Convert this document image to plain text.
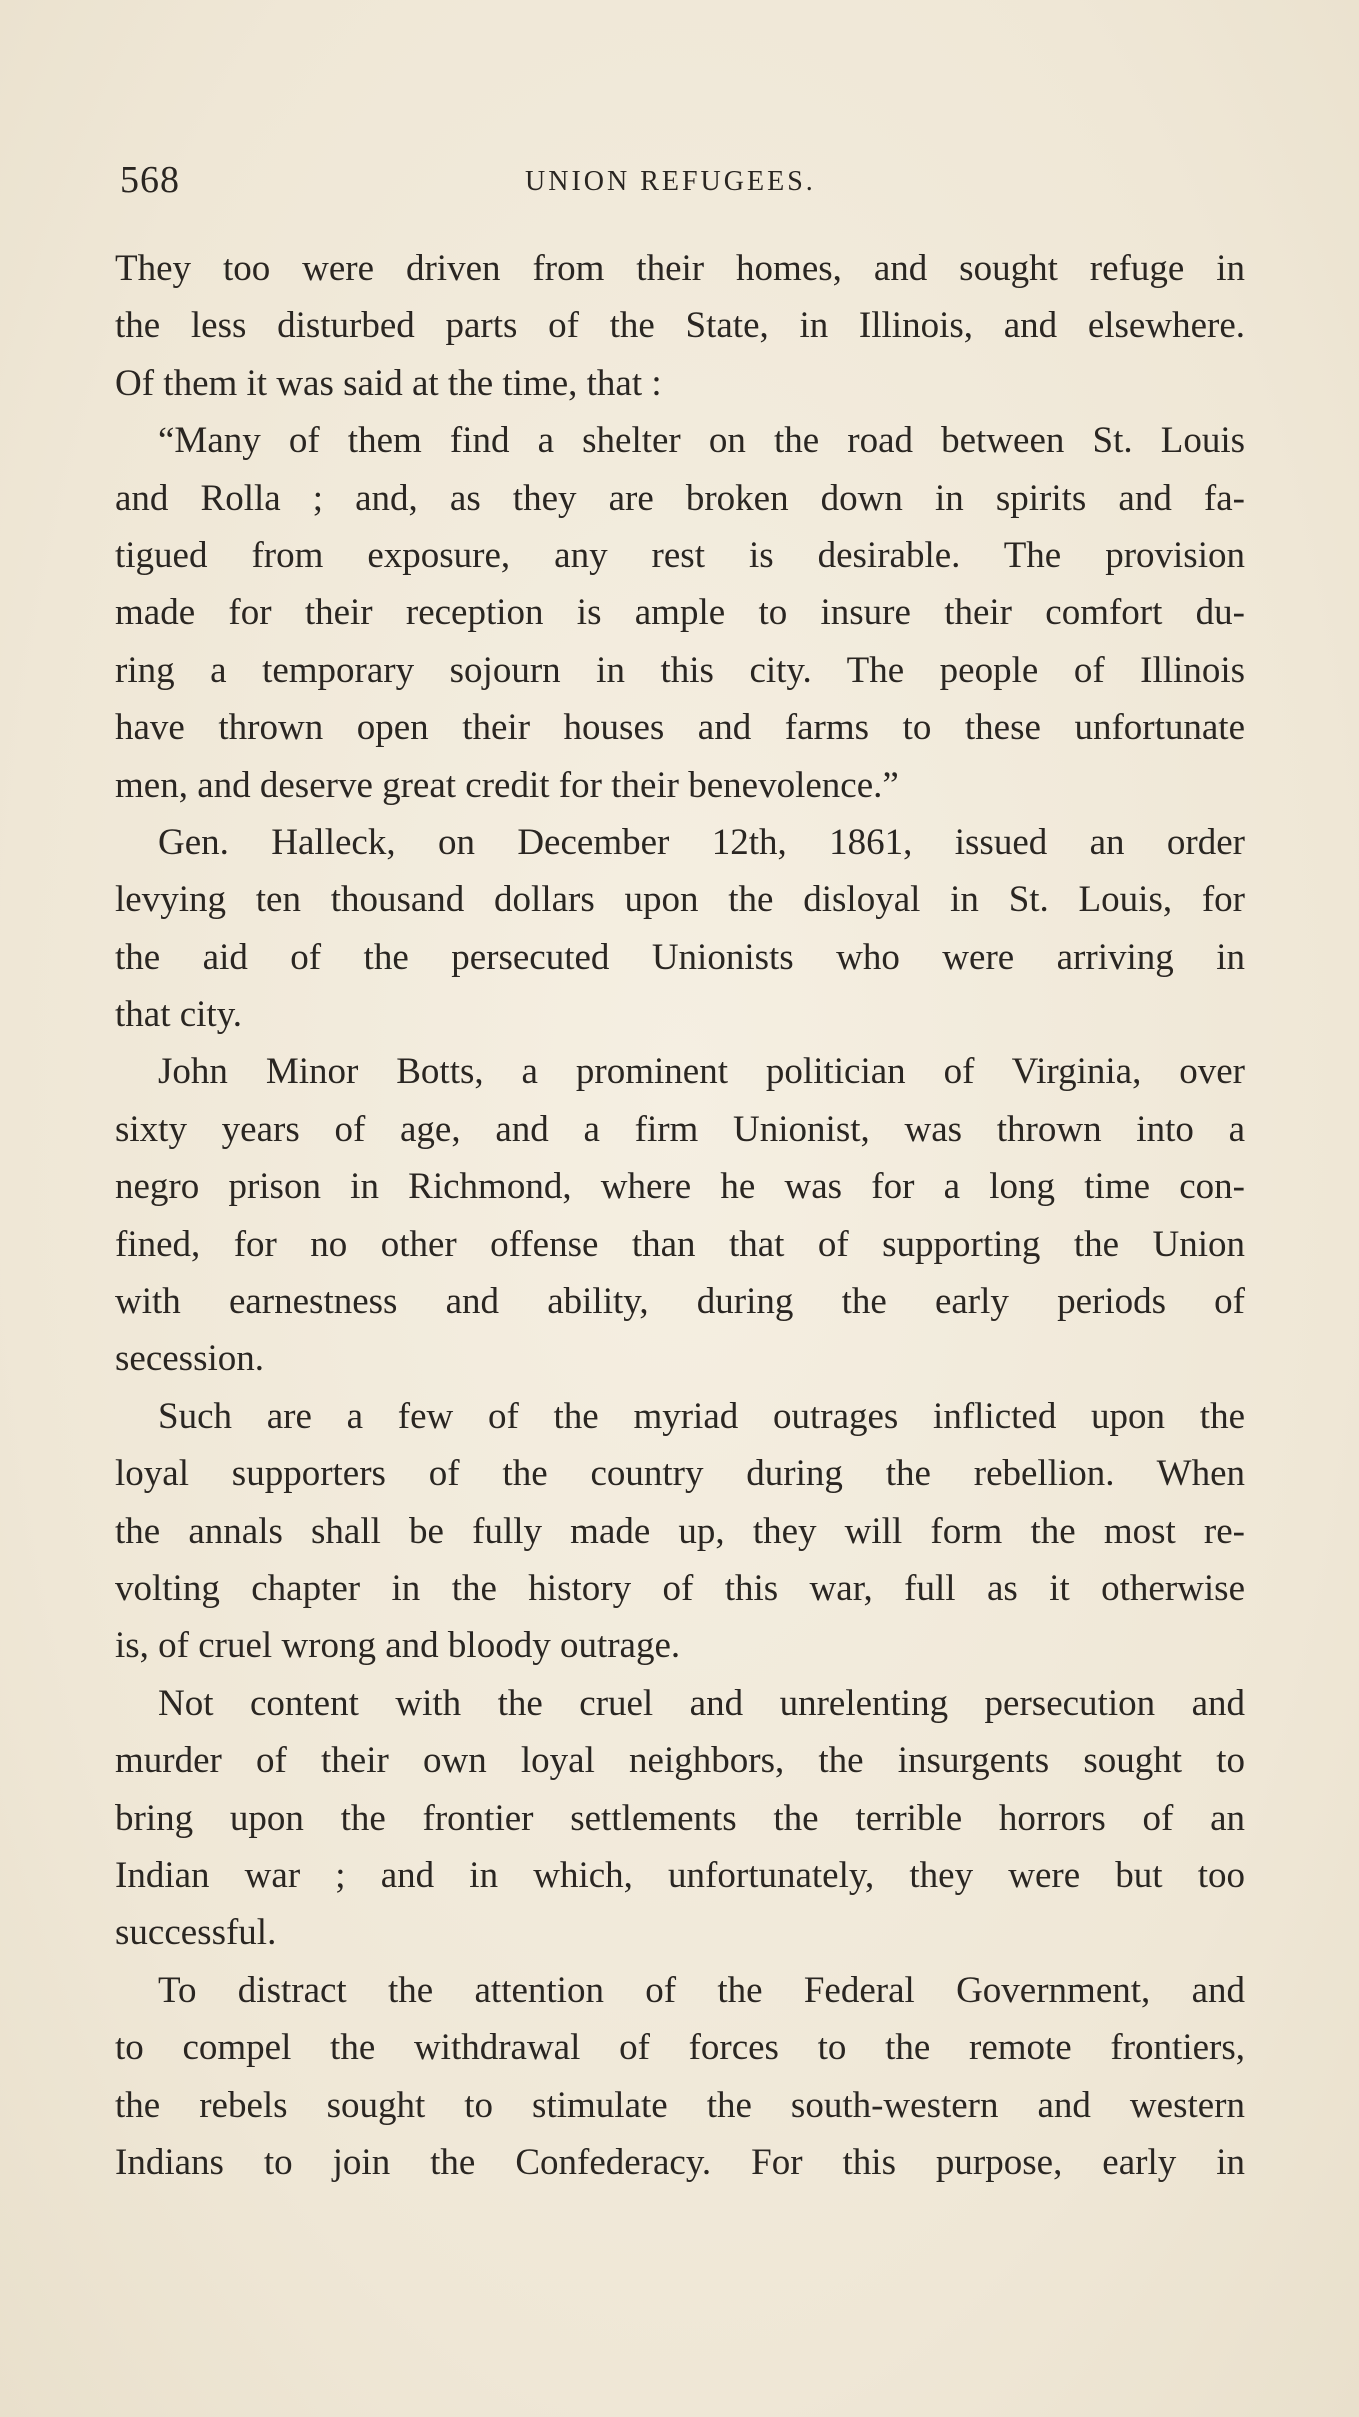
568	UNION REFUGEES.
They too were driven from their homes, and sought refuge in
the less disturbed parts of the State, in Illinois, and elsewhere.
Of them it was said at the time, that :
“Many of them find a shelter on the road between St. Louis
and Rolla ; and, as they are broken down in spirits and fa-
tigued from exposure, any rest is desirable. The provision
made for their reception is ample to insure their comfort du-
ring a temporary sojourn in this city. The people of Illinois
have thrown open their houses and farms to these unfortunate
men, and deserve great credit for their benevolence.”
Gen. Halleck, on December 12th, 1861, issued an order
levying ten thousand dollars upon the disloyal in St. Louis, for
the aid of the persecuted Unionists who were arriving in
that city.
John Minor Botts, a prominent politician of Virginia, over
sixty years of age, and a firm Unionist, was thrown into a
negro prison in Richmond, where he was for a long time con-
fined, for no other offense than that of supporting the Union
with earnestness and ability, during the early periods of
secession.
Such are a few of the myriad outrages inflicted upon the
loyal supporters of the country during the rebellion. When
the annals shall be fully made up, they will form the most re-
volting chapter in the history of this war, full as it otherwise
is, of cruel wrong and bloody outrage.
Not content with the cruel and unrelenting persecution and
murder of their own loyal neighbors, the insurgents sought to
bring upon the frontier settlements the terrible horrors of an
Indian war ; and in which, unfortunately, they were but too
successful.
To distract the attention of the Federal Government, and
to compel the withdrawal of forces to the remote frontiers,
the rebels sought to stimulate the south-western and western
Indians to join the Confederacy. For this purpose, early in
